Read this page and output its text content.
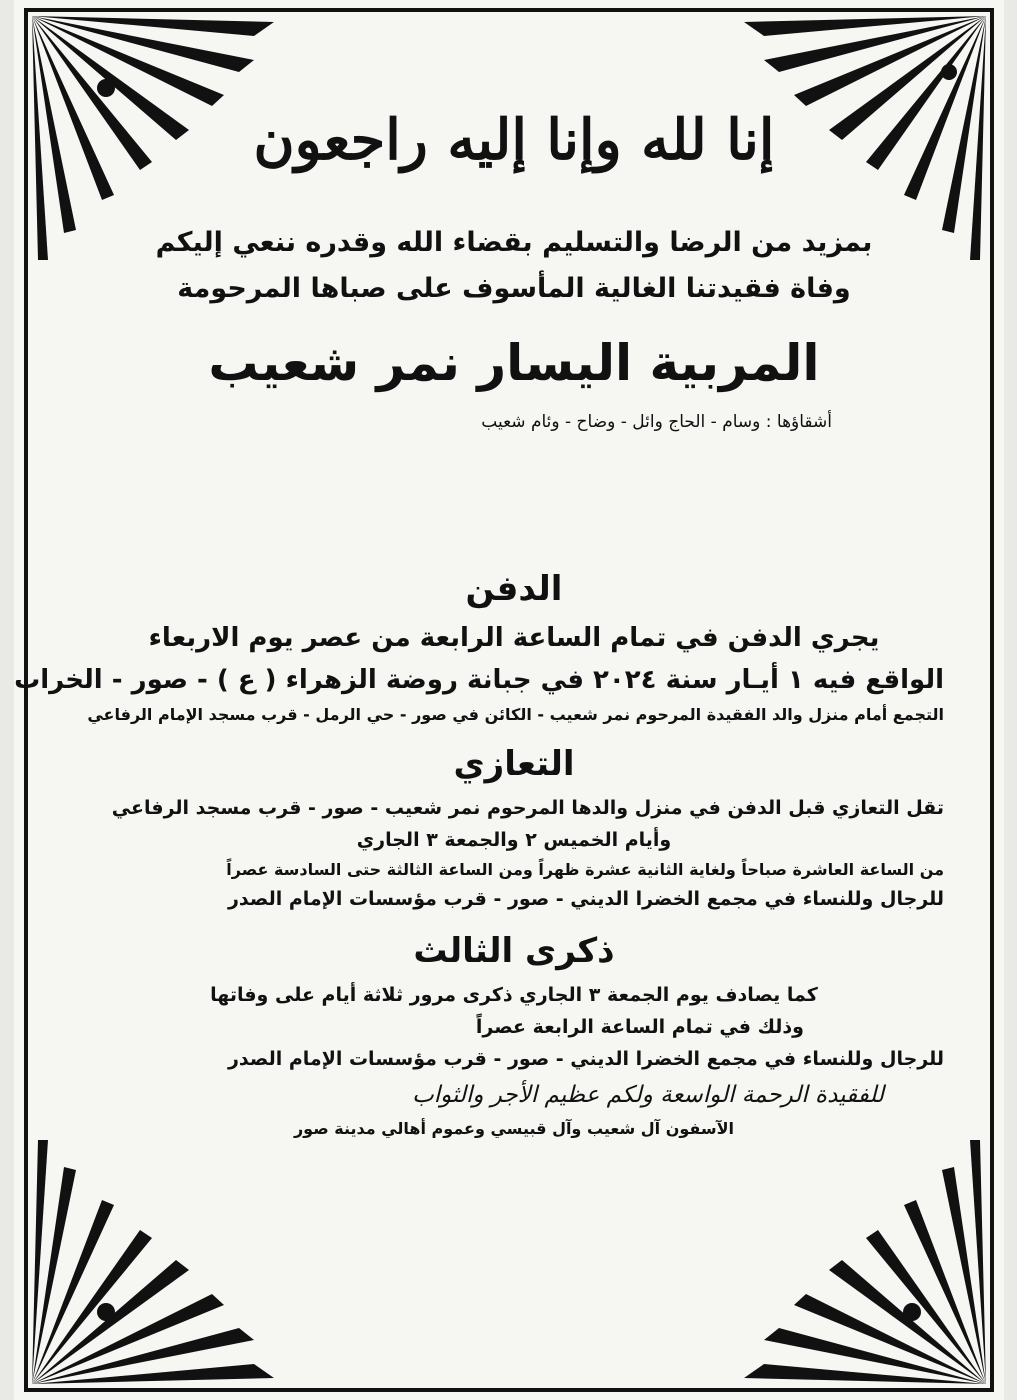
إنا لله وإنا إليه راجعون
بمزيد من الرضا والتسليم بقضاء الله وقدره ننعي إليكم
وفاة فقيدتنا الغالية المأسوف على صباها المرحومة
المربية اليسار نمر شعيب
أشقاؤها : وسام - الحاج وائل - وضاح - وئام شعيب
الدفن
يجري الدفن في تمام الساعة الرابعة من عصر يوم الاربعاء
الواقع فيه ١ أيـار سنة ٢٠٢٤ في جبانة روضة الزهراء ( ع ) - صور - الخراب
التجمع أمام منزل والد الفقيدة المرحوم نمر شعيب - الكائن في صور - حي الرمل - قرب مسجد الإمام الرفاعي
التعازي
تقل التعازي قبل الدفن في منزل والدها المرحوم نمر شعيب - صور - قرب مسجد الرفاعي
وأيام الخميس ٢ والجمعة ٣ الجاري
من الساعة العاشرة صباحاً ولغاية الثانية عشرة ظهراً ومن الساعة الثالثة حتى السادسة عصراً
للرجال وللنساء في مجمع الخضرا الديني - صور - قرب مؤسسات الإمام الصدر
ذكرى الثالث
كما يصادف يوم الجمعة ٣ الجاري ذكرى مرور ثلاثة أيام على وفاتها
وذلك في تمام الساعة الرابعة عصراً
للرجال وللنساء في مجمع الخضرا الديني - صور - قرب مؤسسات الإمام الصدر
للفقيدة الرحمة الواسعة ولكم عظيم الأجر والثواب
الآسفون آل شعيب وآل قبيسي وعموم أهالي مدينة صور
